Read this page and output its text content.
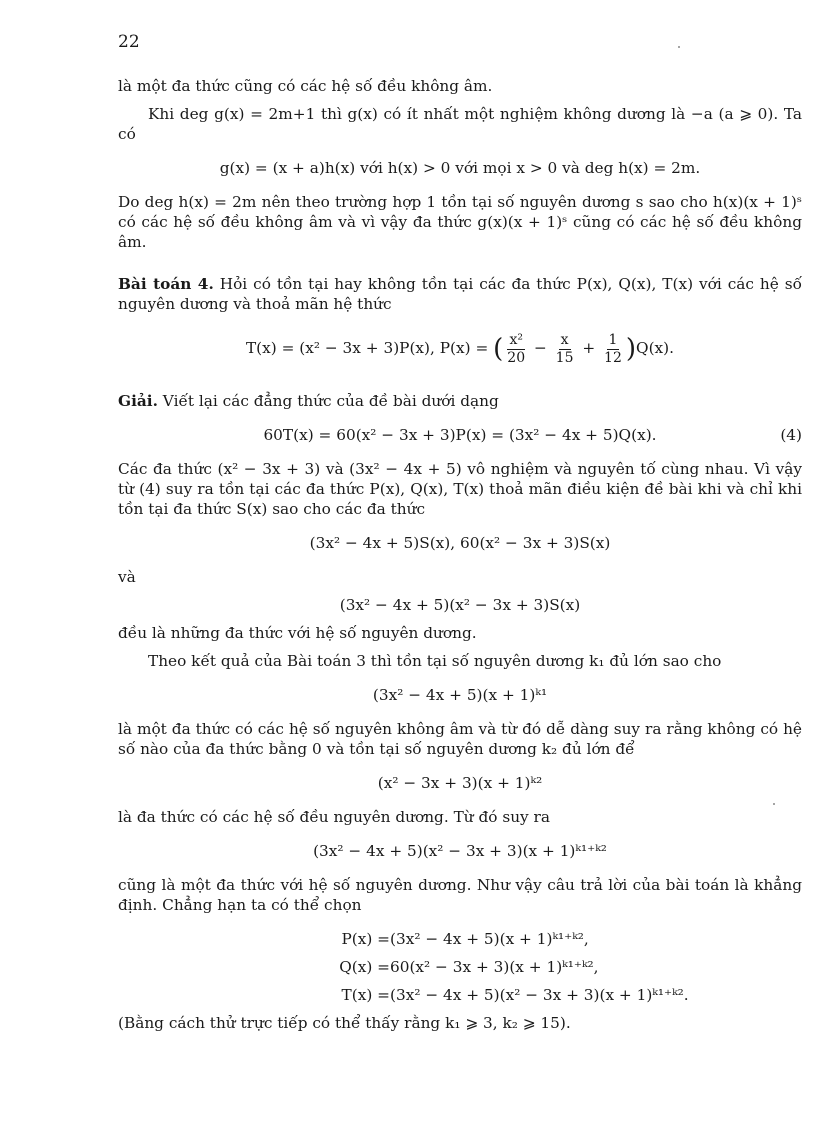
22

là một đa thức cũng có các hệ số đều không âm.

Khi deg g(x) = 2m+1 thì g(x) có ít nhất một nghiệm không dương là −a (a ⩾ 0). Ta có

g(x) = (x + a)h(x) với h(x) > 0 với mọi x > 0 và deg h(x) = 2m.

Do deg h(x) = 2m nên theo trường hợp 1 tồn tại số nguyên dương s sao cho h(x)(x + 1)ˢ có các hệ số đều không âm và vì vậy đa thức g(x)(x + 1)ˢ cũng có các hệ số đều không âm.

Bài toán 4. Hỏi có tồn tại hay không tồn tại các đa thức P(x), Q(x), T(x) với các hệ số nguyên dương và thoả mãn hệ thức

T(x) = (x² − 3x + 3)P(x), P(x) = ( $\frac{\text{x²}}{20} - \frac{x}{15} + \frac{1}{12} )Q(x)$.

Giải. Viết lại các đẳng thức của đề bài dưới dạng

60T(x) = 60(x² − 3x + 3)P(x) = (3x² − 4x + 5)Q(x).	(4)

Các đa thức (x² − 3x + 3) và (3x² − 4x + 5) vô nghiệm và nguyên tố cùng nhau. Vì vậy từ (4) suy ra tồn tại các đa thức P(x), Q(x), T(x) thoả mãn điều kiện đề bài khi và chỉ khi tồn tại đa thức S(x) sao cho các đa thức

(3x² − 4x + 5)S(x), 60(x² − 3x + 3)S(x)

và

(3x² − 4x + 5)(x² − 3x + 3)S(x)

đều là những đa thức với hệ số nguyên dương.

Theo kết quả của Bài toán 3 thì tồn tại số nguyên dương k₁ đủ lớn sao cho

(3x² − 4x + 5)(x + 1)ᵏ¹

là một đa thức có các hệ số nguyên không âm và từ đó dễ dàng suy ra rằng không có hệ số nào của đa thức bằng 0 và tồn tại số nguyên dương k₂ đủ lớn để

(x² − 3x + 3)(x + 1)ᵏ²

là đa thức có các hệ số đều nguyên dương. Từ đó suy ra

(3x² − 4x + 5)(x² − 3x + 3)(x + 1)ᵏ¹⁺ᵏ²

cũng là một đa thức với hệ số nguyên dương. Như vậy câu trả lời của bài toán là khẳng định. Chẳng hạn ta có thể chọn

P(x) = (3x² − 4x + 5)(x + 1)ᵏ¹⁺ᵏ²,
Q(x) = 60(x² − 3x + 3)(x + 1)ᵏ¹⁺ᵏ²,
T(x) = (3x² − 4x + 5)(x² − 3x + 3)(x + 1)ᵏ¹⁺ᵏ².

(Bằng cách thử trực tiếp có thể thấy rằng k₁ ⩾ 3, k₂ ⩾ 15).
